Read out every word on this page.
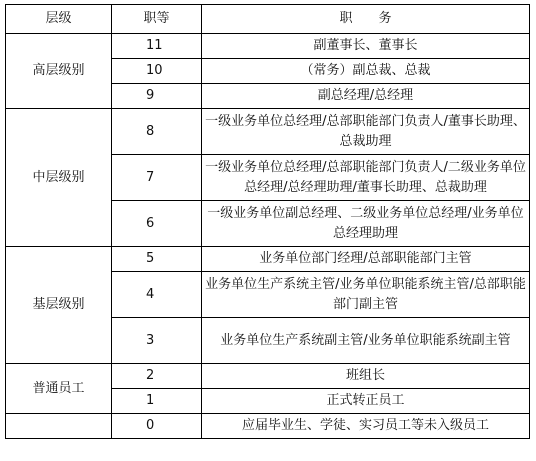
层级	职等	职　　务
高层级别	11	副董事长、董事长
	10	（常务）副总裁、总裁
	9	副总经理/总经理
中层级别	8	一级业务单位总经理/总部职能部门负责人/董事长助理、总裁助理
	7	一级业务单位总经理/总部职能部门负责人/二级业务单位总经理/总经理助理/董事长助理、总裁助理
	6	一级业务单位副总经理、二级业务单位总经理/业务单位总经理助理
基层级别	5	业务单位部门经理/总部职能部门主管
	4	业务单位生产系统主管/业务单位职能系统主管/总部职能部门副主管
	3	业务单位生产系统副主管/业务单位职能系统副主管
普通员工	2	班组长
	1	正式转正员工
	0	应届毕业生、学徒、实习员工等未入级员工
